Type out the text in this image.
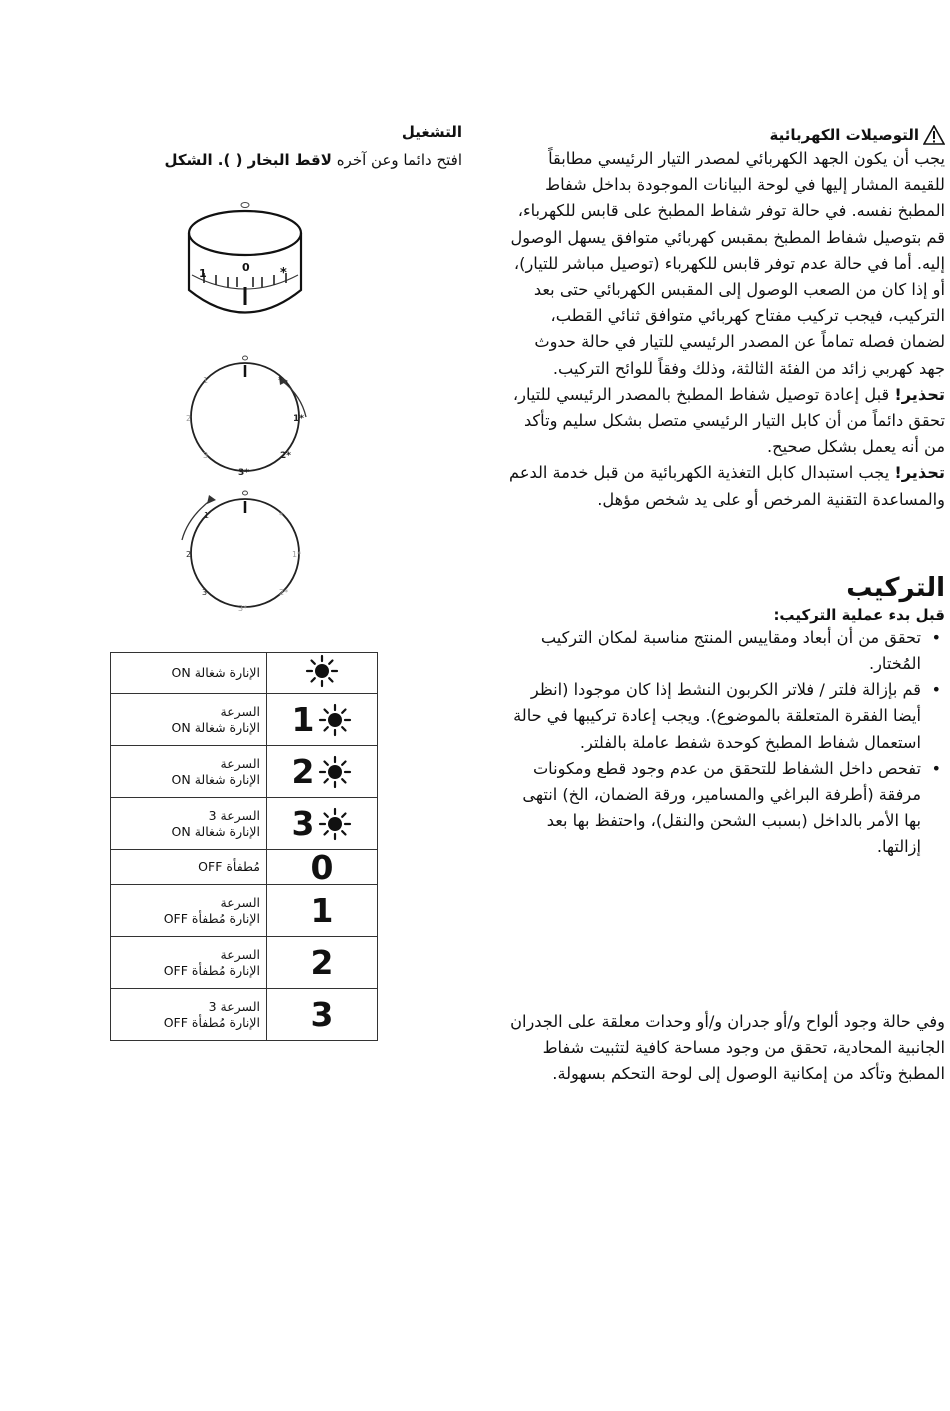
التوصيلات الكهربائية

يجب أن يكون الجهد الكهربائي لمصدر التيار الرئيسي مطابقاً للقيمة المشار إليها في لوحة البيانات الموجودة بداخل شفاط المطبخ نفسه. في حالة توفر شفاط المطبخ على قابس للكهرباء، قم بتوصيل شفاط المطبخ بمقبس كهربائي متوافق يسهل الوصول إليه. أما في حالة عدم توفر قابس للكهرباء (توصيل مباشر للتيار)، أو إذا كان من الصعب الوصول إلى المقبس الكهربائي حتى بعد التركيب، فيجب تركيب مفتاح كهربائي متوافق ثنائي القطب، لضمان فصله تماماً عن المصدر الرئيسي للتيار في حالة حدوث جهد كهربي زائد من الفئة الثالثة، وذلك وفقاً للوائح التركيب.

تحذير! قبل إعادة توصيل شفاط المطبخ بالمصدر الرئيسي للتيار، تحقق دائماً من أن كابل التيار الرئيسي متصل بشكل سليم وتأكد من أنه يعمل بشكل صحيح.

تحذير! يجب استبدال كابل التغذية الكهربائية من قبل خدمة الدعم والمساعدة التقنية المرخص أو على يد شخص مؤهل.

التركيب
قبل بدء عملية التركيب:
• تحقق من أن أبعاد ومقاييس المنتج مناسبة لمكان التركيب المُختار.
• قم بإزالة فلتر / فلاتر الكربون النشط إذا كان موجودا (انظر أيضا الفقرة المتعلقة بالموضوع). ويجب إعادة تركيبها في حالة استعمال شفاط المطبخ كوحدة شفط عاملة بالفلتر.
• تفحص داخل الشفاط للتحقق من عدم وجود قطع ومكونات مرفقة (أطرفة البراغي والمسامير، ورقة الضمان، الخ) انتهى بها الأمر بالداخل (بسبب الشحن والنقل)، واحتفظ بها بعد إزالتها.

وفي حالة وجود ألواح و/أو جدران و/أو وحدات معلقة على الجدران الجانبية المحادية، تحقق من وجود مساحة كافية لتثبيت شفاط المطبخ وتأكد من إمكانية الوصول إلى لوحة التحكم بسهولة.

التشغيل
افتح دائما وعن آخره لاقط البخار ( ). الشكل
1	0 *
*
1*
2*
3*
1
2
3
1
2
3
*
1*
2*
3*
الإنارة شغالة ON

السرعة
الإنارة شغالة ON	1

السرعة
الإنارة شغالة ON	2

السرعة 3
الإنارة شغالة ON	3

مُطفأة OFF	0

السرعة
الإنارة مُطفأة OFF	1

السرعة
الإنارة مُطفأة OFF	2

السرعة 3
الإنارة مُطفأة OFF	3
